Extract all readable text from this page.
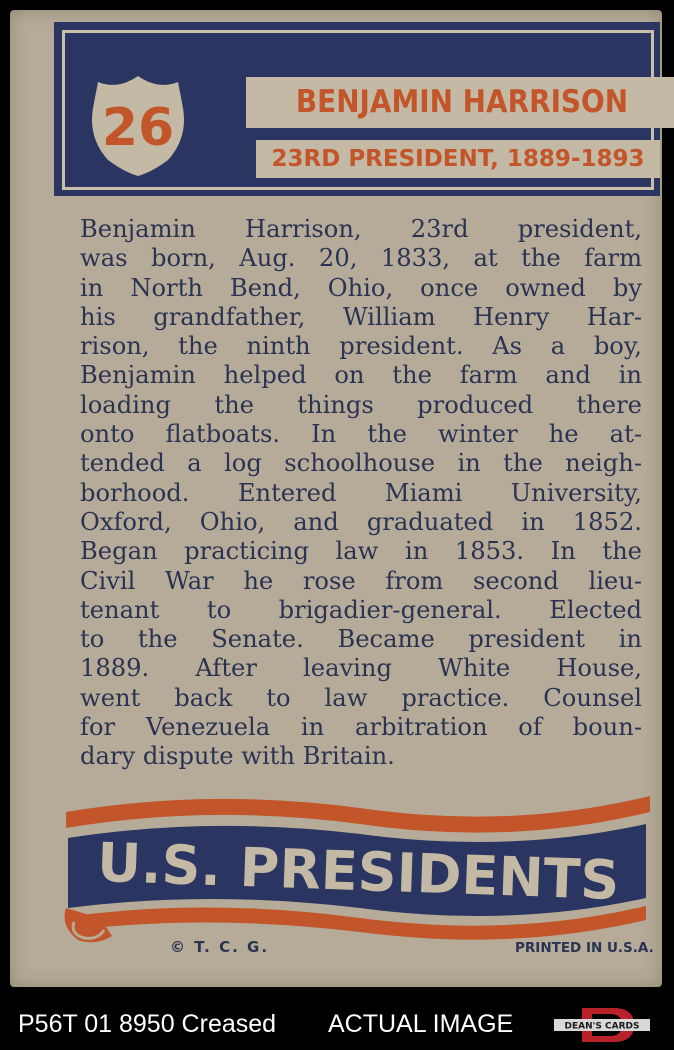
26	BENJAMIN HARRISON
23RD PRESIDENT, 1889-1893
Benjamin Harrison, 23rd president,
was born, Aug. 20, 1833, at the farm
in North Bend, Ohio, once owned by
his grandfather, William Henry Har-
rison, the ninth president. As a boy,
Benjamin helped on the farm and in
loading the things produced there
onto flatboats. In the winter he at-
tended a log schoolhouse in the neigh-
borhood. Entered Miami University,
Oxford, Ohio, and graduated in 1852.
Began practicing law in 1853. In the
Civil War he rose from second lieu-
tenant to brigadier-general. Elected
to the Senate. Became president in
1889. After leaving White House,
went back to law practice. Counsel
for Venezuela in arbitration of boun-
dary dispute with Britain.
U.S. PRESIDENTS
© T. C. G.	PRINTED IN U.S.A.
P56T 01 8950 Creased ACTUAL IMAGE	DEAN'S CARDS
